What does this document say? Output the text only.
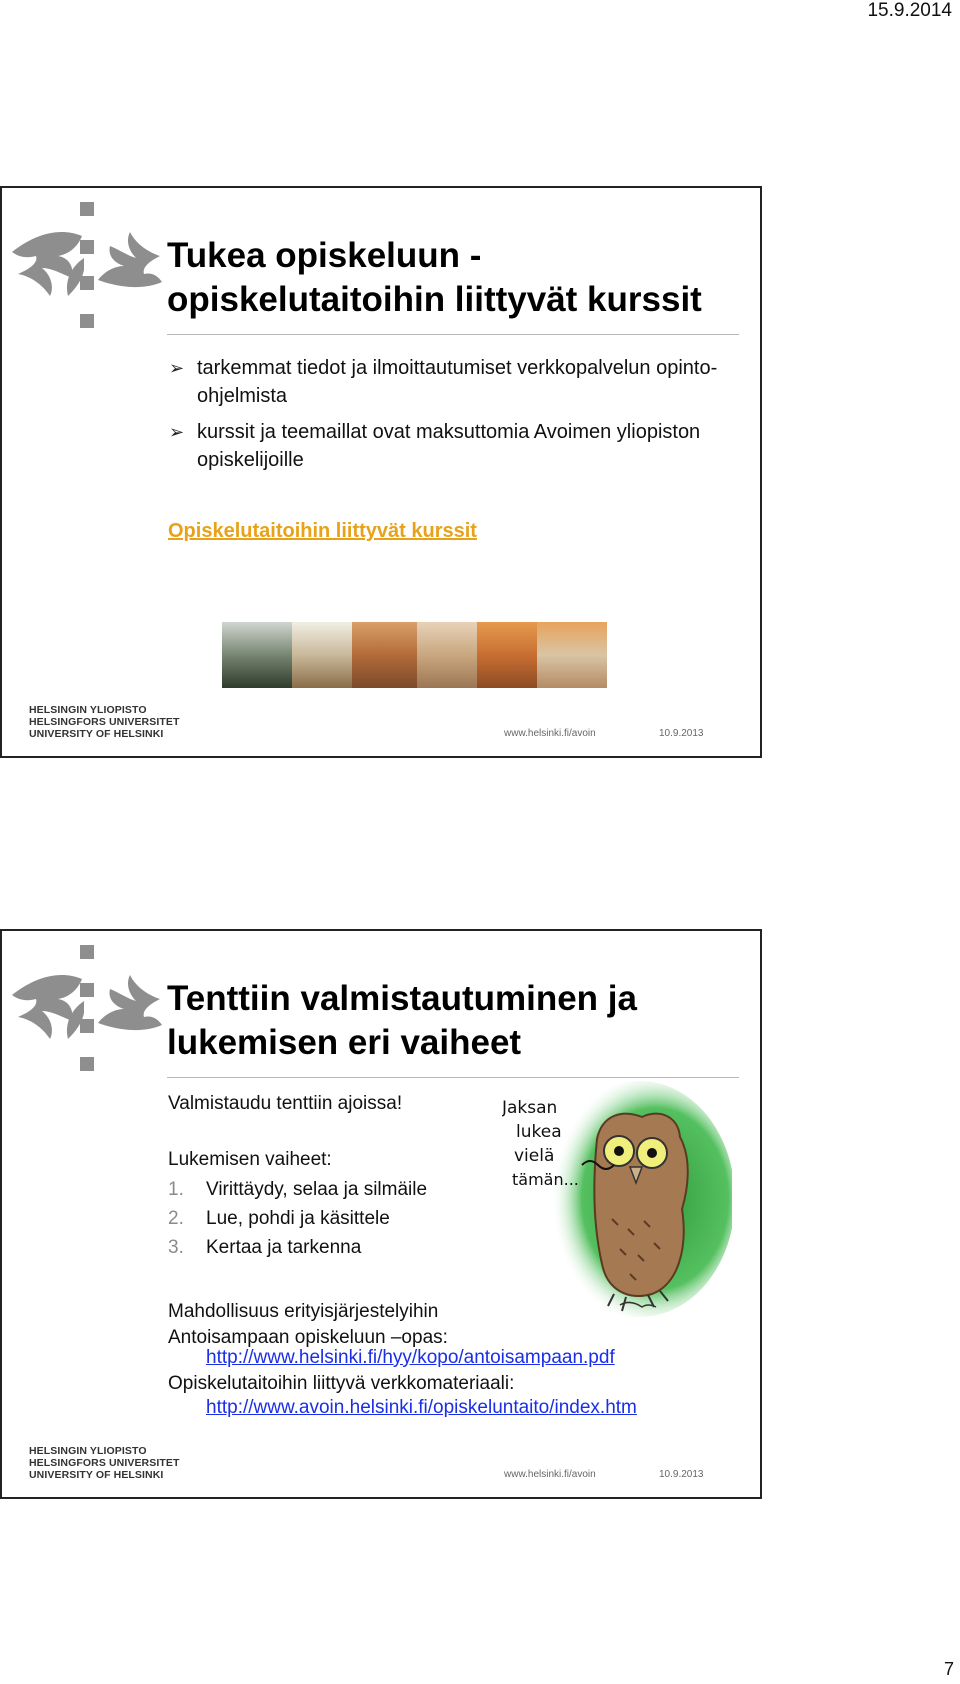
15.9.2014
Tukea opiskeluun -
opiskelutaitoihin liittyvät kurssit
➢ tarkemmat tiedot ja ilmoittautumiset verkkopalvelun opinto-ohjelmista
➢ kurssit ja teemaillat ovat maksuttomia Avoimen yliopiston opiskelijoille
Opiskelutaitoihin liittyvät kurssit
HELSINGIN YLIOPISTO
HELSINGFORS UNIVERSITET
UNIVERSITY OF HELSINKI	www.helsinki.fi/avoin	10.9.2013
Tenttiin valmistautuminen ja
lukemisen eri vaiheet
Valmistaudu tenttiin ajoissa!
Lukemisen vaiheet:
1. Virittäydy, selaa ja silmäile
2. Lue, pohdi ja käsittele
3. Kertaa ja tarkenna
Jaksan
lukea
vielä
tämän...
Mahdollisuus erityisjärjestelyihin
Antoisampaan opiskeluun –opas:
http://www.helsinki.fi/hyy/kopo/antoisampaan.pdf
Opiskelutaitoihin liittyvä verkkomateriaali:
http://www.avoin.helsinki.fi/opiskeluntaito/index.htm
HELSINGIN YLIOPISTO
HELSINGFORS UNIVERSITET
UNIVERSITY OF HELSINKI	www.helsinki.fi/avoin	10.9.2013
7
